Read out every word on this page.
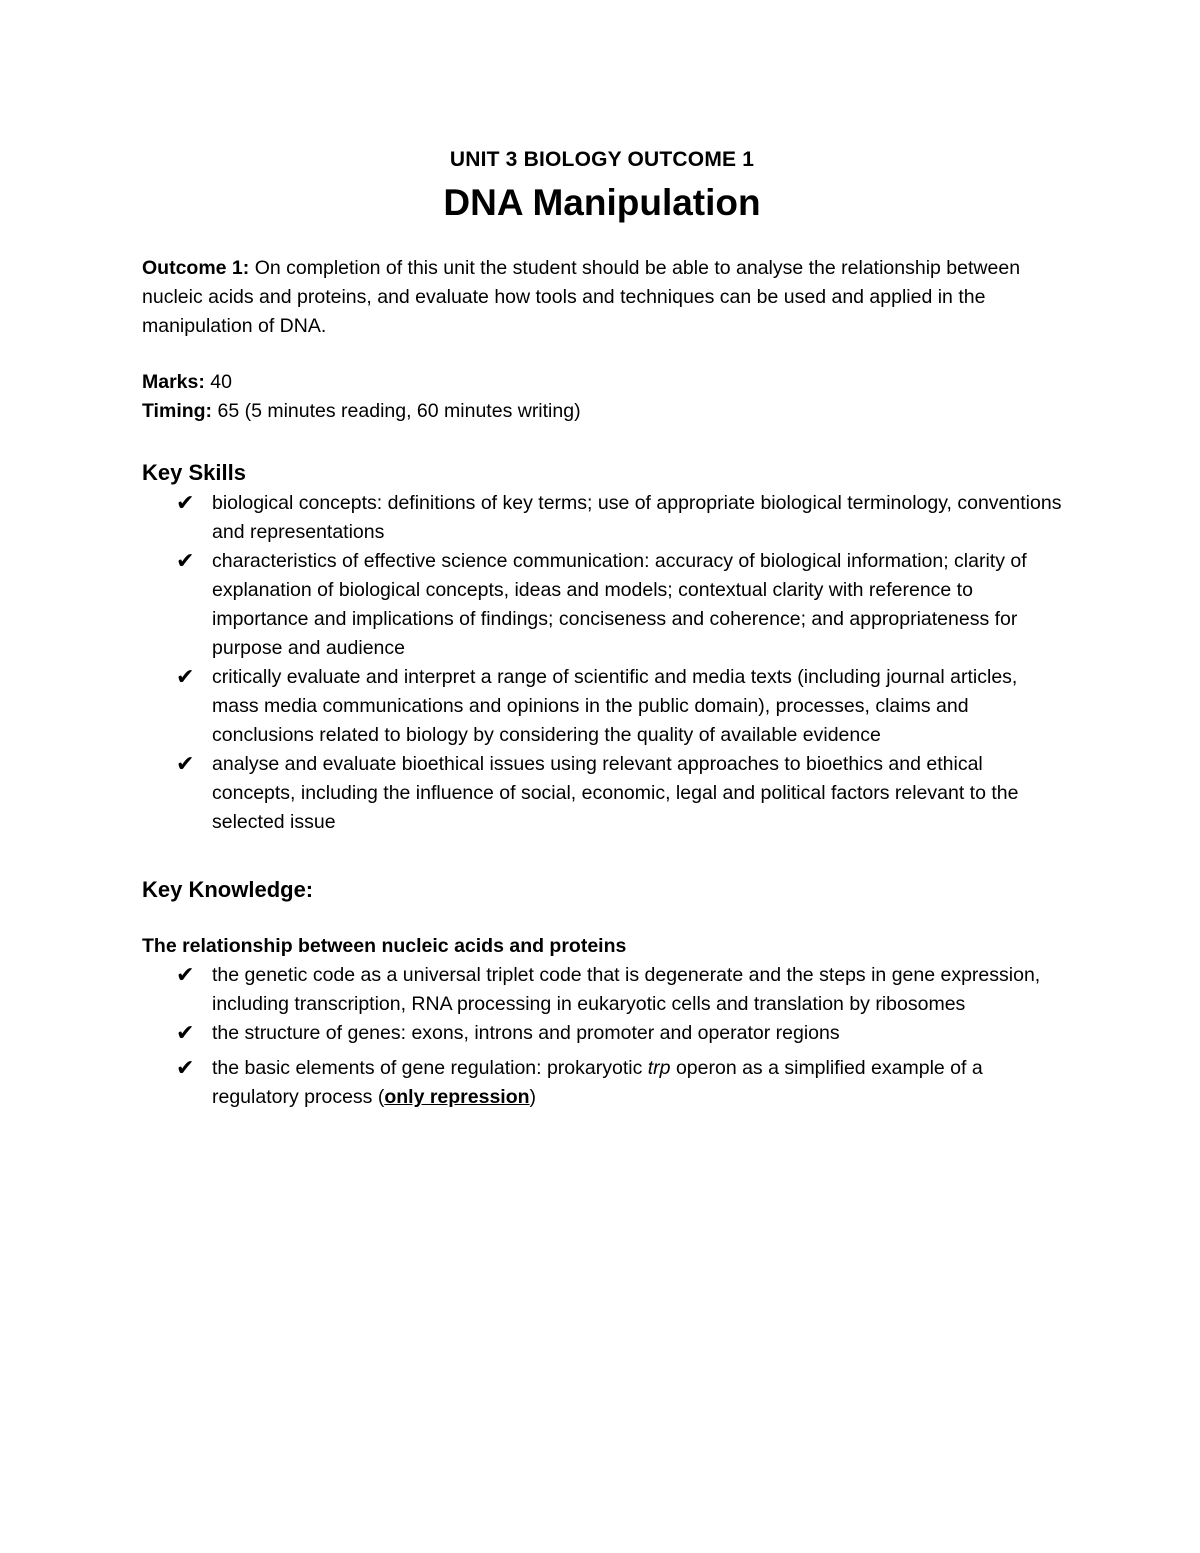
UNIT 3 BIOLOGY OUTCOME 1
DNA Manipulation

Outcome 1: On completion of this unit the student should be able to analyse the relationship between nucleic acids and proteins, and evaluate how tools and techniques can be used and applied in the manipulation of DNA.

Marks: 40

Timing: 65 (5 minutes reading, 60 minutes writing)

Key Skills
✔ biological concepts: definitions of key terms; use of appropriate biological terminology, conventions and representations
✔ characteristics of effective science communication: accuracy of biological information; clarity of explanation of biological concepts, ideas and models; contextual clarity with reference to importance and implications of findings; conciseness and coherence; and appropriateness for purpose and audience
✔ critically evaluate and interpret a range of scientific and media texts (including journal articles, mass media communications and opinions in the public domain), processes, claims and conclusions related to biology by considering the quality of available evidence
✔ analyse and evaluate bioethical issues using relevant approaches to bioethics and ethical concepts, including the influence of social, economic, legal and political factors relevant to the selected issue
Key Knowledge:

The relationship between nucleic acids and proteins

✔ the genetic code as a universal triplet code that is degenerate and the steps in gene expression, including transcription, RNA processing in eukaryotic cells and translation by ribosomes
✔ the structure of genes: exons, introns and promoter and operator regions
✔ the basic elements of gene regulation: prokaryotic trp operon as a simplified example of a regulatory process (only repression)
